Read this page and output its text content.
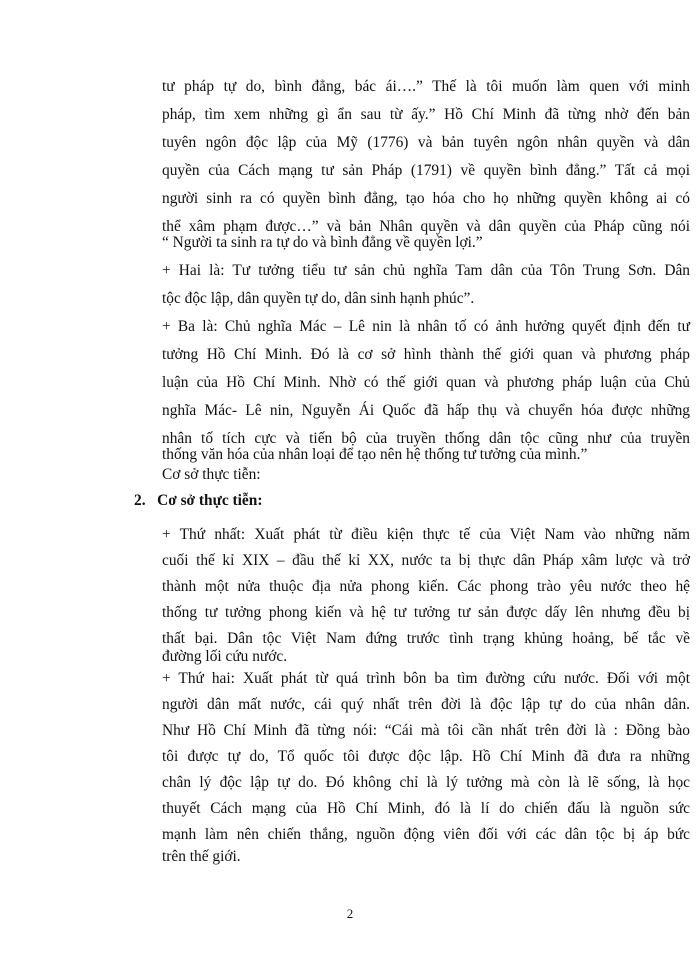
tư pháp tự do, bình đẳng, bác ái….” Thế là tôi muốn làm quen với minh
pháp, tìm xem những gì ẩn sau từ ấy.” Hồ Chí Minh đã từng nhờ đến bản
tuyên ngôn độc lập của Mỹ (1776) và bản tuyên ngôn nhân quyền và dân
quyền của Cách mạng tư sản Pháp (1791) về quyền bình đẳng.” Tất cả mọi
người sinh ra có quyền bình đẳng, tạo hóa cho họ những quyền không ai có
thể xâm phạm được…” và bản Nhân quyền và dân quyền của Pháp cũng nói
“ Người ta sinh ra tự do và bình đẳng về quyền lợi.”
+ Hai là: Tư tưởng tiểu tư sản chủ nghĩa Tam dân của Tôn Trung Sơn. Dân
tộc độc lập, dân quyền tự do, dân sinh hạnh phúc”.
+ Ba là: Chủ nghĩa Mác – Lê nin là nhân tố có ảnh hưởng quyết định đến tư
tưởng Hồ Chí Minh. Đó là cơ sở hình thành thế giới quan và phương pháp
luận của Hồ Chí Minh. Nhờ có thế giới quan và phương pháp luận của Chủ
nghĩa Mác- Lê nin, Nguyễn Ái Quốc đã hấp thụ và chuyển hóa được những
nhân tố tích cực và tiến bộ của truyền thống dân tộc cũng như của truyền
thống văn hóa của nhân loại để tạo nên hệ thống tư tưởng của mình.”
Cơ sở thực tiễn:
2.   Cơ sở thực tiễn:
+ Thứ nhất: Xuất phát từ điều kiện thực tế của Việt Nam vào những năm
cuối thế kỉ XIX – đầu thế kỉ XX, nước ta bị thực dân Pháp xâm lược và trở
thành một nửa thuộc địa nửa phong kiến. Các phong trào yêu nước theo hệ
thống tư tưởng phong kiến và hệ tư tưởng tư sản được dấy lên nhưng đều bị
thất bại. Dân tộc Việt Nam đứng trước tình trạng khủng hoảng, bế tắc về
đường lối cứu nước.
+ Thứ hai: Xuất phát từ quá trình bôn ba tìm đường cứu nước. Đối với một
người dân mất nước, cái quý nhất trên đời là độc lập tự do của nhân dân.
Như Hồ Chí Minh đã từng nói: “Cái mà tôi cần nhất trên đời là : Đồng bào
tôi được tự do, Tổ quốc tôi được độc lập. Hồ Chí Minh đã đưa ra những
chân lý độc lập tự do. Đó không chỉ là lý tưởng mà còn là lẽ sống, là học
thuyết Cách mạng của Hồ Chí Minh, đó là lí do chiến đấu là nguồn sức
mạnh làm nên chiến thắng, nguồn động viên đối với các dân tộc bị áp bức
trên thế giới.
2
